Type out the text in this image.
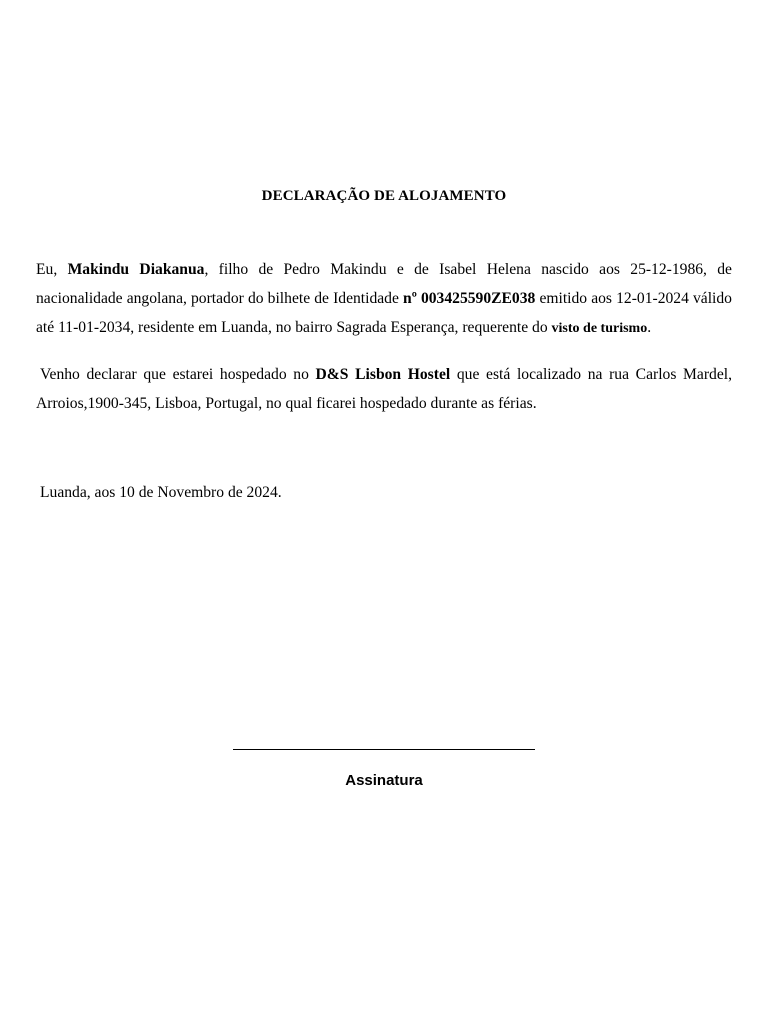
DECLARAÇÃO DE ALOJAMENTO
Eu, Makindu Diakanua, filho de Pedro Makindu e de Isabel Helena nascido aos 25-12-1986, de nacionalidade angolana, portador do bilhete de Identidade nº 003425590ZE038 emitido aos 12-01-2024 válido até 11-01-2034, residente em Luanda, no bairro Sagrada Esperança, requerente do visto de turismo.
Venho declarar que estarei hospedado no D&S Lisbon Hostel que está localizado na rua Carlos Mardel, Arroios,1900-345, Lisboa, Portugal, no qual ficarei hospedado durante as férias.
Luanda, aos 10 de Novembro de 2024.
Assinatura
